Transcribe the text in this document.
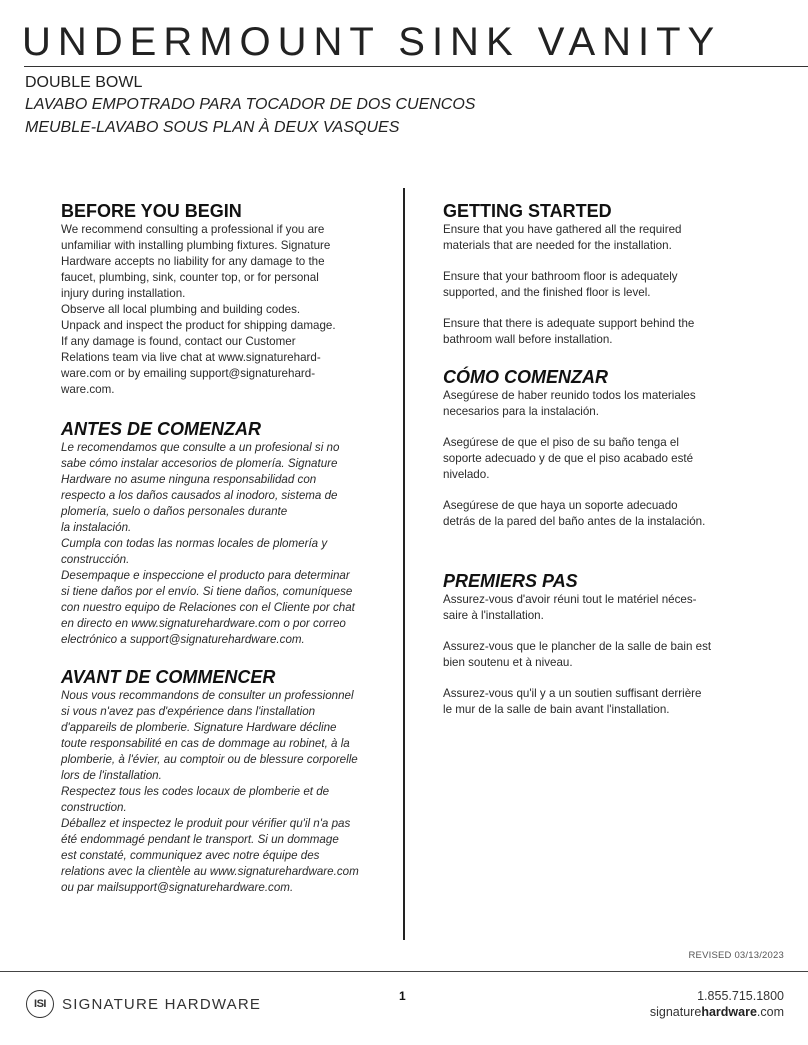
UNDERMOUNT SINK VANITY
DOUBLE BOWL
LAVABO EMPOTRADO PARA TOCADOR DE DOS CUENCOS
MEUBLE-LAVABO SOUS PLAN À DEUX VASQUES
BEFORE YOU BEGIN

We recommend consulting a professional if you are

unfamiliar with installing plumbing fixtures. Signature

Hardware accepts no liability for any damage to the

faucet, plumbing, sink, counter top, or for personal

injury during installation.

Observe all local plumbing and building codes.

Unpack and inspect the product for shipping damage.

If any damage is found, contact our Customer

Relations team via live chat at www.signaturehard-

ware.com or by emailing support@signaturehard-

ware.com.

ANTES DE COMENZAR

Le recomendamos que consulte a un profesional si no

sabe cómo instalar accesorios de plomería. Signature

Hardware no asume ninguna responsabilidad con

respecto a los daños causados al inodoro, sistema de

plomería, suelo o daños personales durante

la instalación.

Cumpla con todas las normas locales de plomería y

construcción.

Desempaque e inspeccione el producto para determinar

si tiene daños por el envío. Si tiene daños, comuníquese

con nuestro equipo de Relaciones con el Cliente por chat

en directo en www.signaturehardware.com o por correo

electrónico a support@signaturehardware.com.

AVANT DE COMMENCER

Nous vous recommandons de consulter un professionnel

si vous n'avez pas d'expérience dans l'installation

d'appareils de plomberie. Signature Hardware décline

toute responsabilité en cas de dommage au robinet, à la

plomberie, à l'évier, au comptoir ou de blessure corporelle

lors de l'installation.

Respectez tous les codes locaux de plomberie et de

construction.

Déballez et inspectez le produit pour vérifier qu'il n'a pas

été endommagé pendant le transport. Si un dommage

est constaté, communiquez avec notre équipe des

relations avec la clientèle au www.signaturehardware.com

ou par mailsupport@signaturehardware.com.

GETTING STARTED

Ensure that you have gathered all the required

materials that are needed for the installation.

Ensure that your bathroom floor is adequately

supported, and the finished floor is level.

Ensure that there is adequate support behind the

bathroom wall before installation.

CÓMO COMENZAR

Asegúrese de haber reunido todos los materiales

necesarios para la instalación.

Asegúrese de que el piso de su baño tenga el

soporte adecuado y de que el piso acabado esté

nivelado.

Asegúrese de que haya un soporte adecuado

detrás de la pared del baño antes de la instalación.

PREMIERS PAS

Assurez-vous d'avoir réuni tout le matériel néces-

saire à l'installation.

Assurez-vous que le plancher de la salle de bain est

bien soutenu et à niveau.

Assurez-vous qu'il y a un soutien suffisant derrière

le mur de la salle de bain avant l'installation.

REVISED 03/13/2023
ISI	SIGNATURE HARDWARE	1	1.855.715.1800
signaturehardware.com
